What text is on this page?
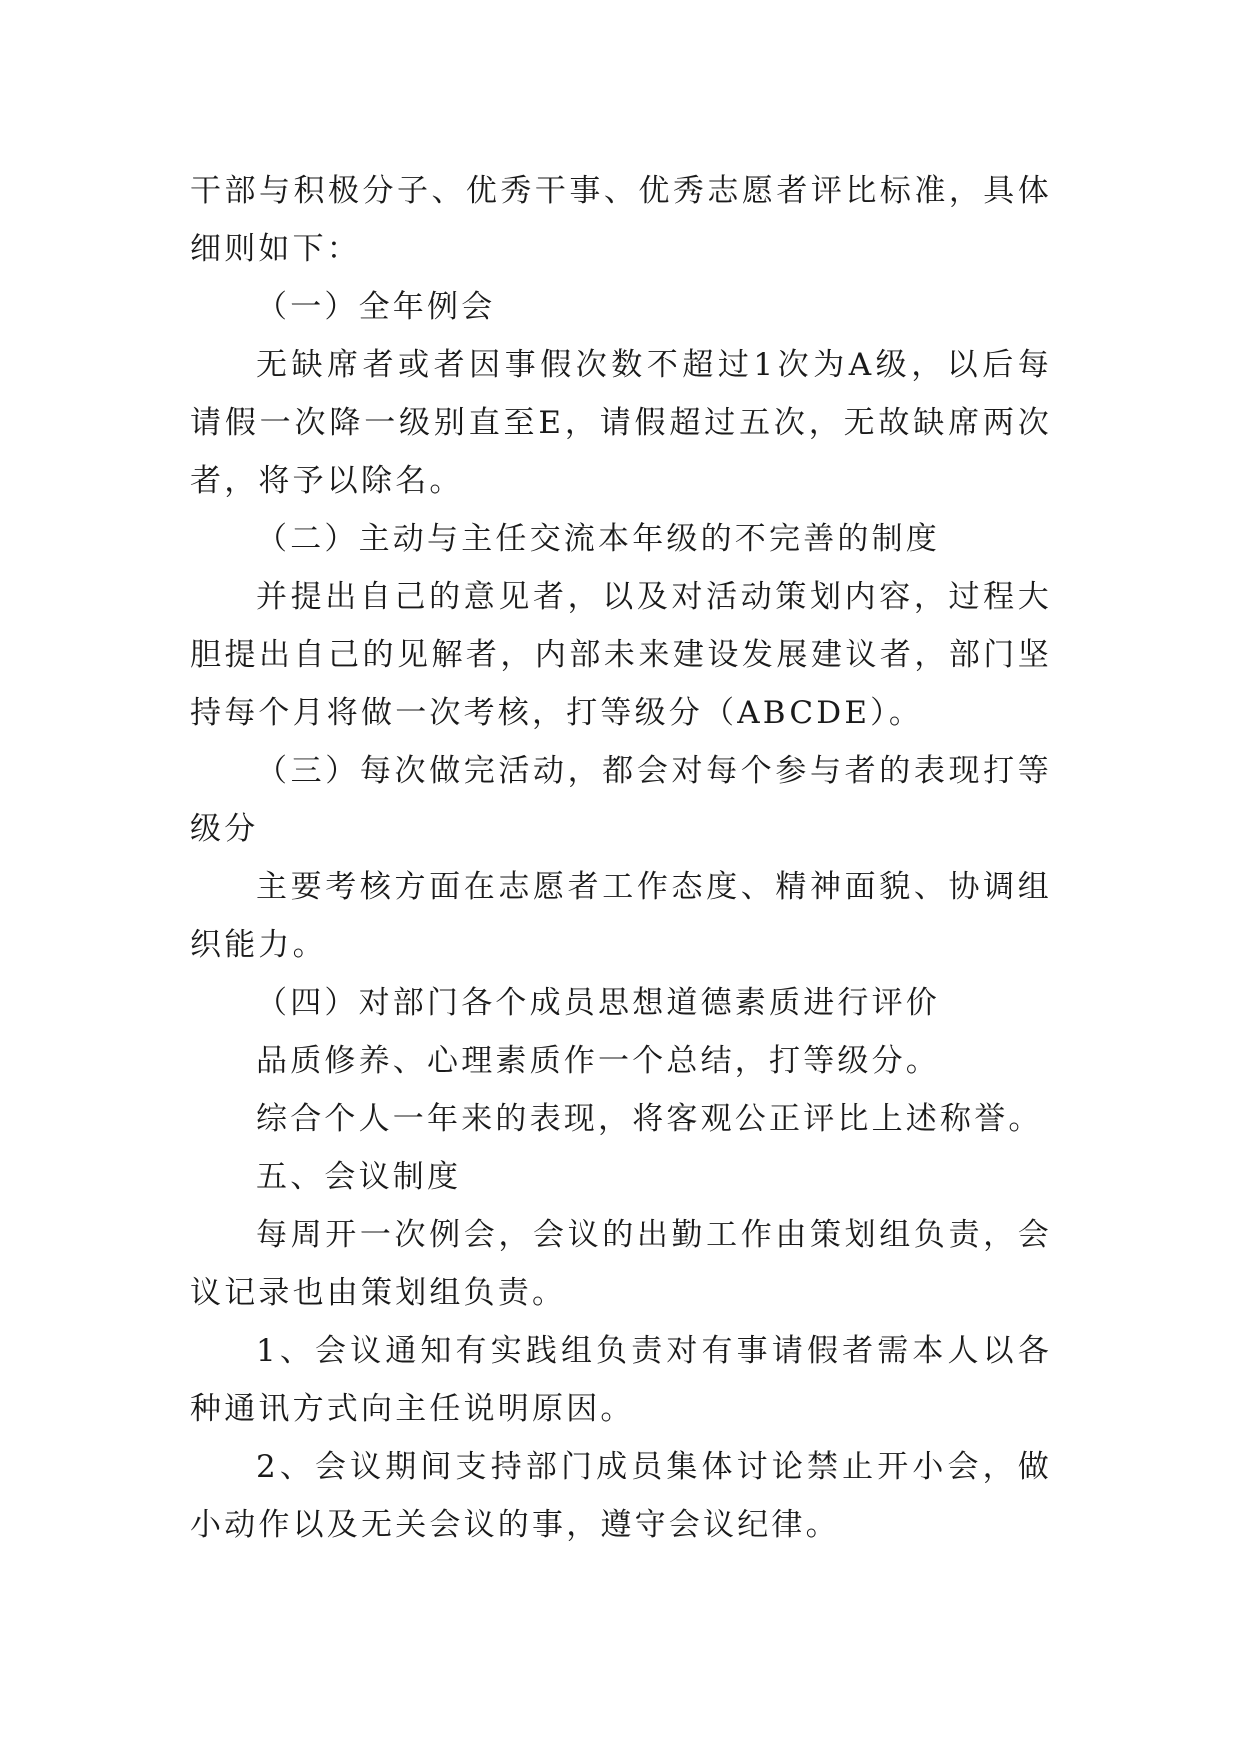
干部与积极分子、优秀干事、优秀志愿者评比标准，具体细则如下：

（一）全年例会

无缺席者或者因事假次数不超过1次为A级，以后每请假一次降一级别直至E，请假超过五次，无故缺席两次者，将予以除名。

（二）主动与主任交流本年级的不完善的制度

并提出自己的意见者，以及对活动策划内容，过程大胆提出自己的见解者，内部未来建设发展建议者，部门坚持每个月将做一次考核，打等级分（ABCDE）。

（三）每次做完活动，都会对每个参与者的表现打等级分

主要考核方面在志愿者工作态度、精神面貌、协调组织能力。

（四）对部门各个成员思想道德素质进行评价

品质修养、心理素质作一个总结，打等级分。

综合个人一年来的表现，将客观公正评比上述称誉。

五、会议制度

每周开一次例会，会议的出勤工作由策划组负责，会议记录也由策划组负责。

1、会议通知有实践组负责对有事请假者需本人以各种通讯方式向主任说明原因。

2、会议期间支持部门成员集体讨论禁止开小会，做小动作以及无关会议的事，遵守会议纪律。
